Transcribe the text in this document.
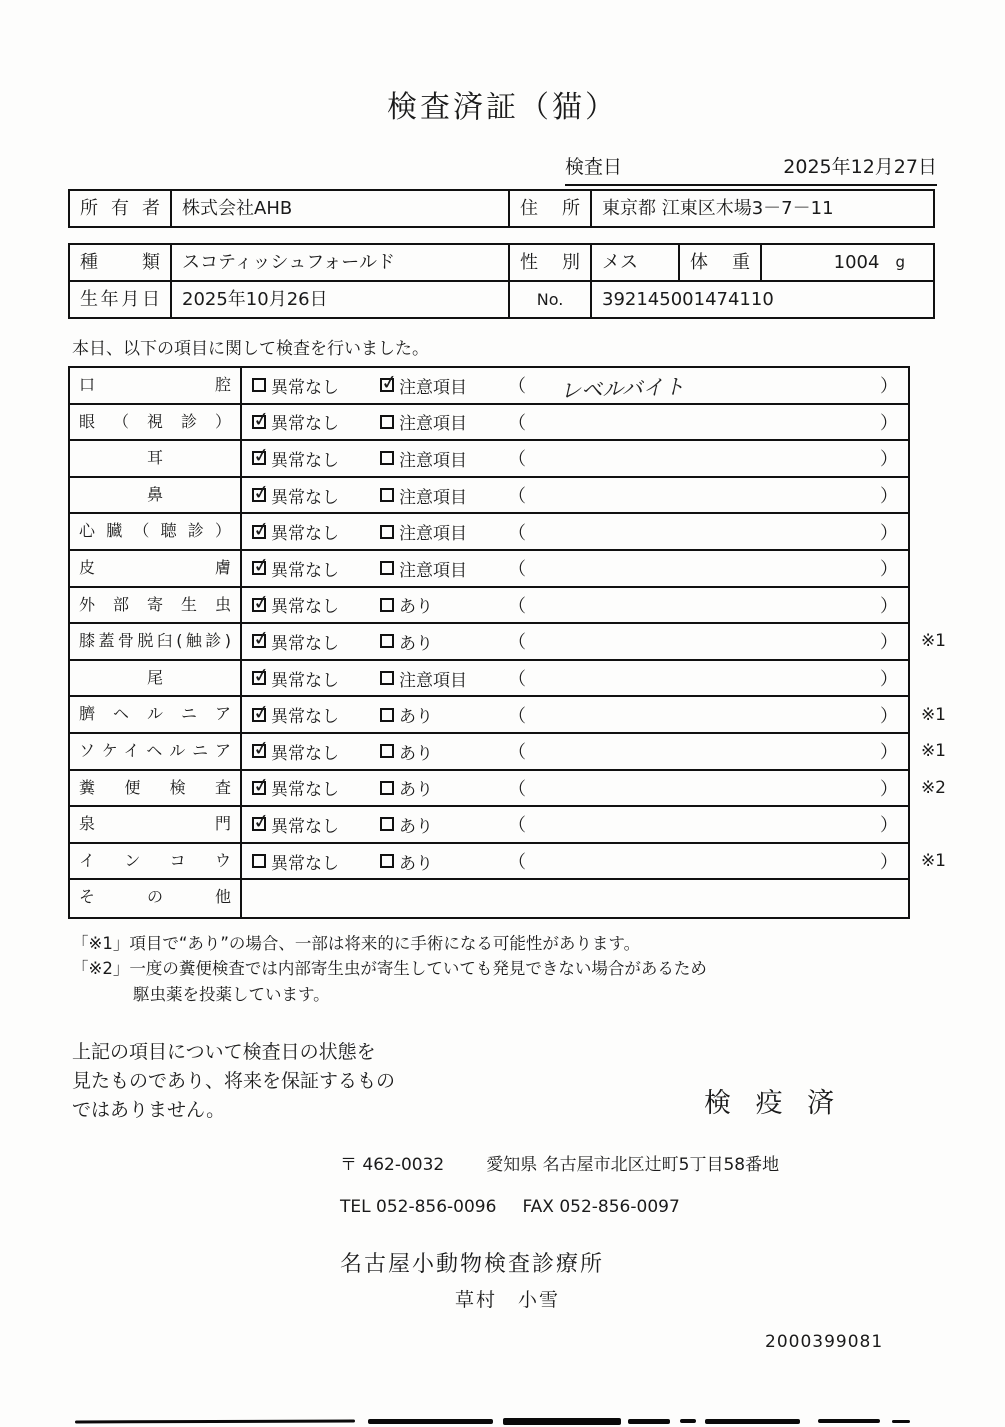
検査済証（猫）
検査日	2025年12月27日
所有者	株式会社AHB	住所	東京都 江東区木場3－7－11
種類	スコティッシュフォールド	性別	メス	体重	1004 g
生年月日	2025年10月26日	No.	392145001474110
本日、以下の項目に関して検査を行いました。
口腔	異常なし ✓ 注意項目 （	レベルバイト	）
眼（視診）	✓ 異常なし	注意項目 （	）
耳	✓ 異常なし	注意項目 （	）
鼻	✓ 異常なし	注意項目 （	）
心臓（聴診）	✓ 異常なし	注意項目 （	）
皮膚	✓ 異常なし	注意項目 （	）
外部寄生虫	✓ 異常なし	あり	（	）
膝蓋骨脱臼(触診)	✓ 異常なし	あり	（	） ※1
尾	✓ 異常なし	注意項目 （	）
臍ヘルニア	✓ 異常なし	あり	（	） ※1
ソケイヘルニア	✓ 異常なし	あり	（	） ※1
糞便検査	✓ 異常なし	あり	（	） ※2
泉門	✓ 異常なし	あり	（	）
インコウ	異常なし	あり	（	） ※1
その他
「※1」項目で“あり”の場合、一部は将来的に手術になる可能性があります。
「※2」一度の糞便検査では内部寄生虫が寄生していても発見できない場合があるため
駆虫薬を投薬しています。
上記の項目について検査日の状態を
見たものであり、将来を保証するもの
ではありません。	検 疫 済
〒 462-0032 愛知県 名古屋市北区辻町5丁目58番地
TEL 052-856-0096 FAX 052-856-0097
名古屋小動物検査診療所
草村　小雪
2000399081
